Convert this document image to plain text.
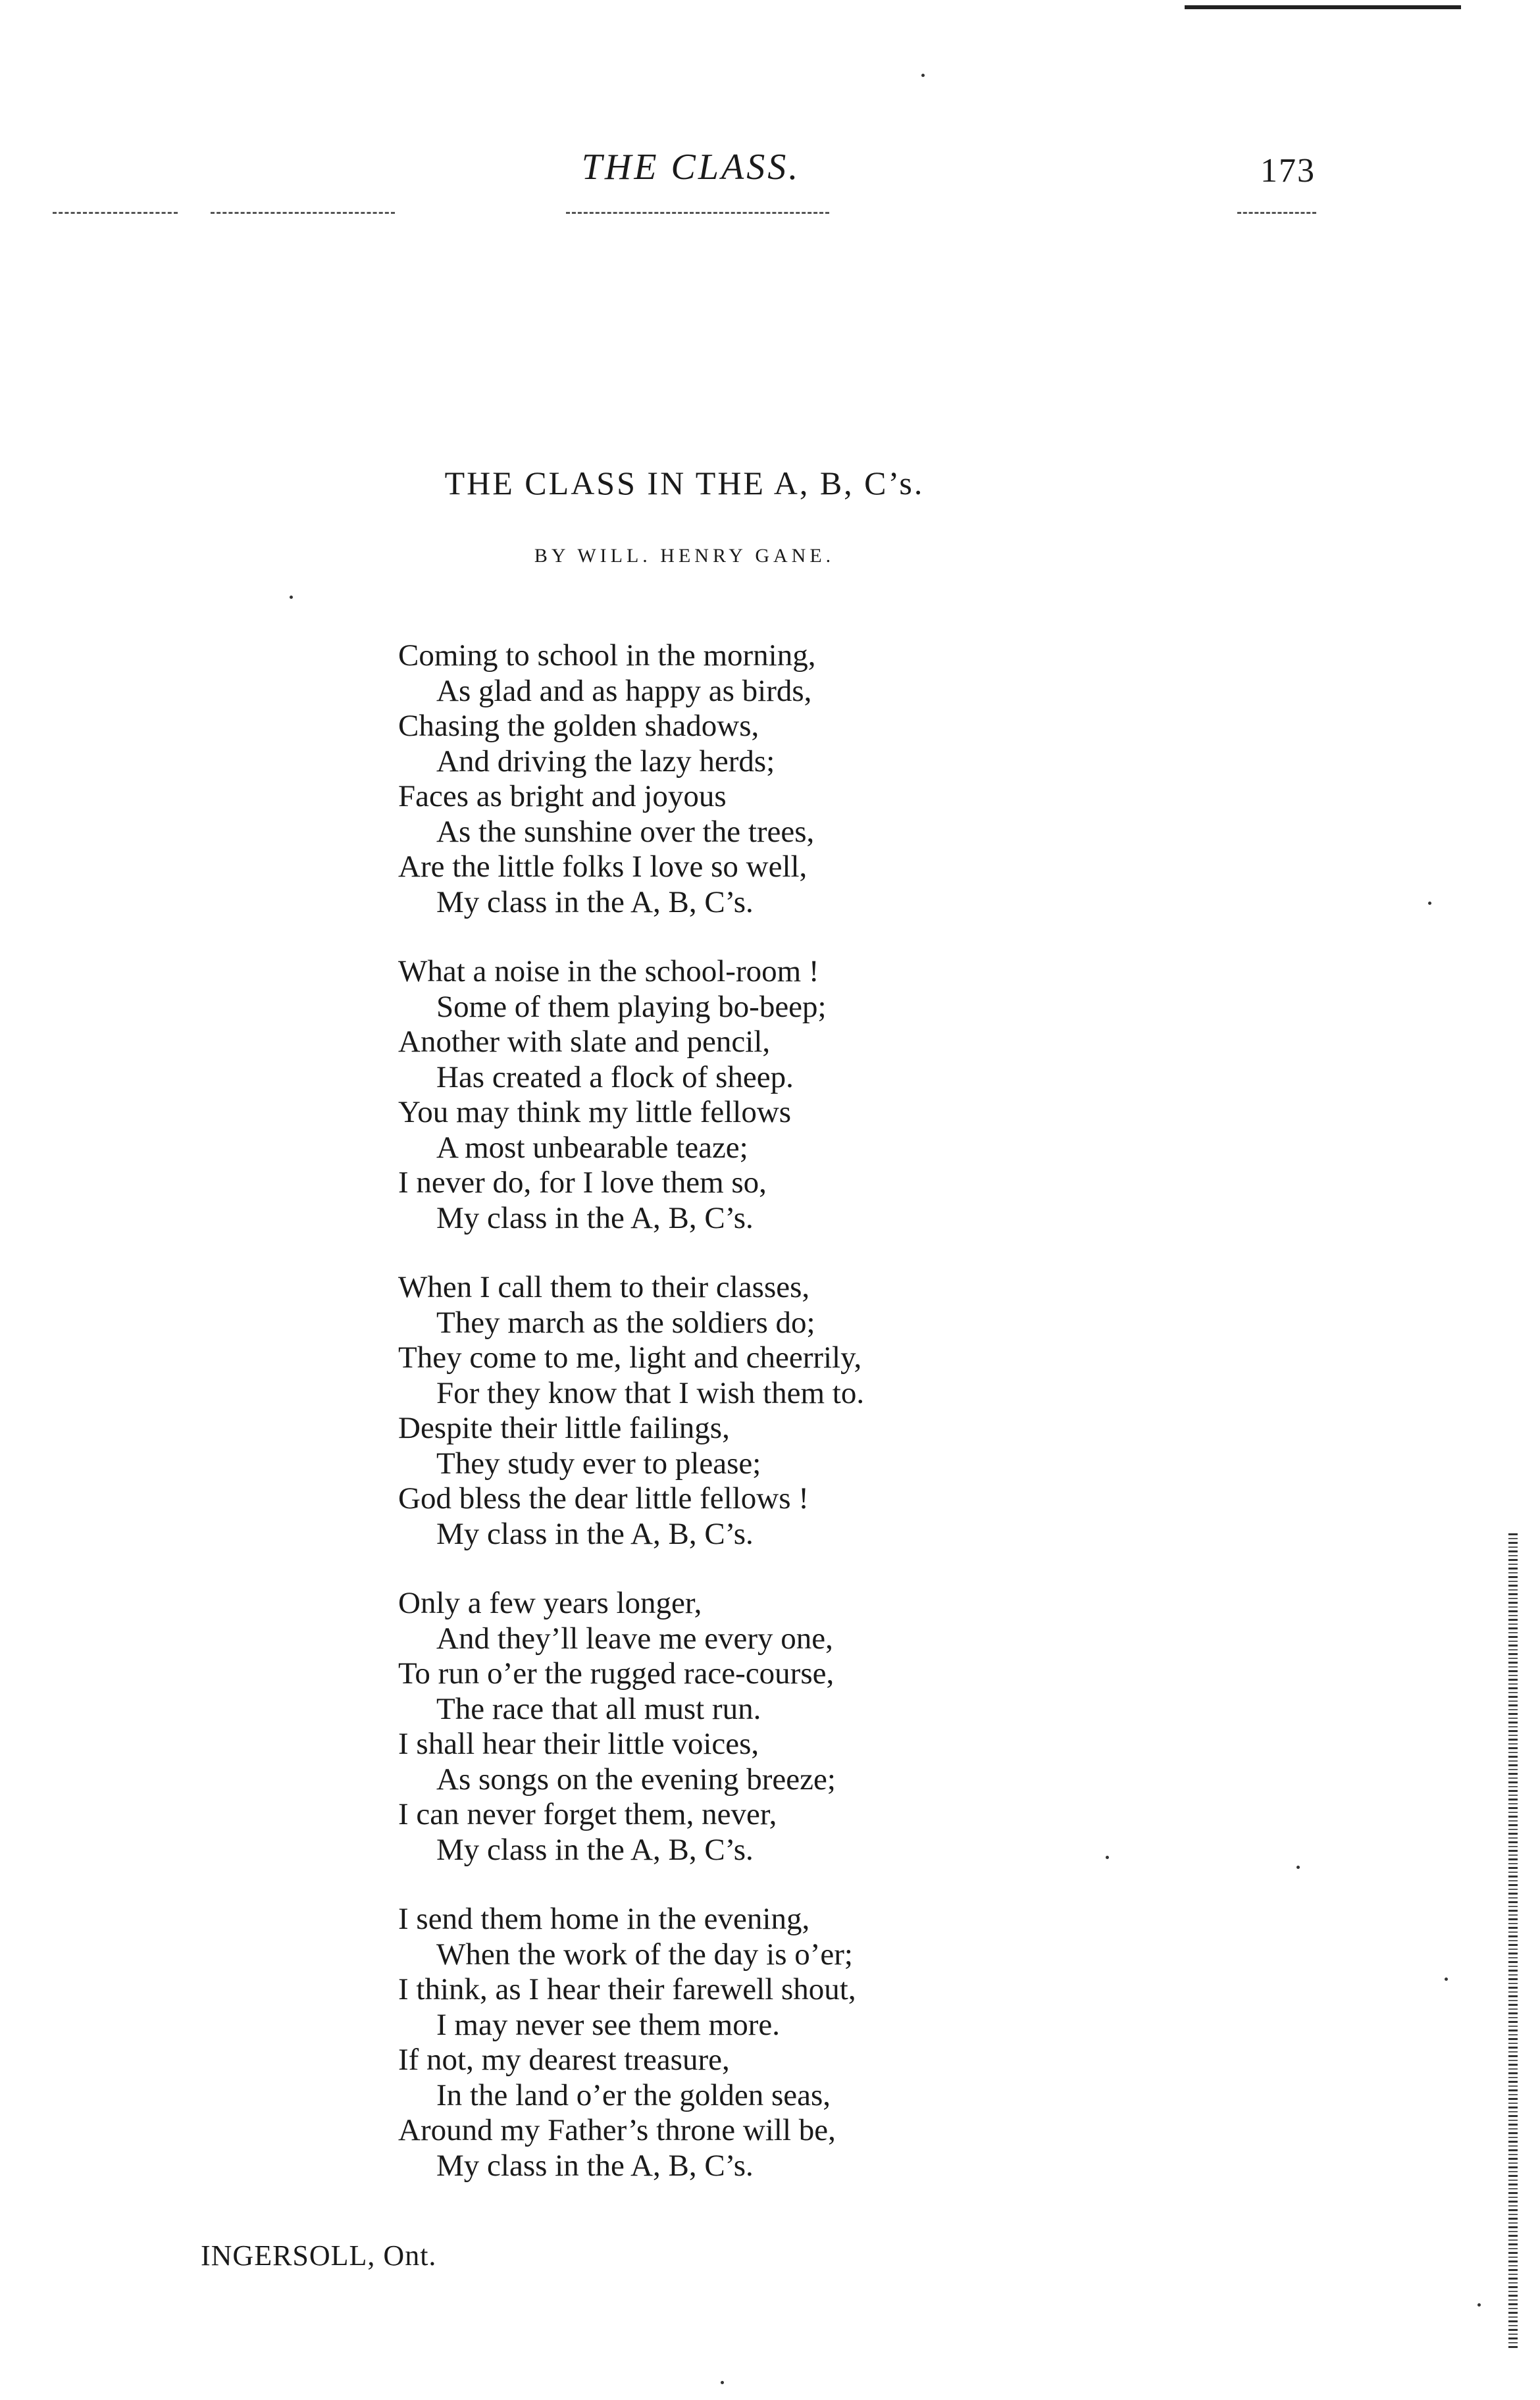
THE CLASS.	173
THE CLASS IN THE A, B, C’s.
BY WILL. HENRY GANE.
Coming to school in the morning,
As glad and as happy as birds,
Chasing the golden shadows,
And driving the lazy herds;
Faces as bright and joyous
As the sunshine over the trees,
Are the little folks I love so well,
My class in the A, B, C’s.
What a noise in the school-room !
Some of them playing bo-beep;
Another with slate and pencil,
Has created a flock of sheep.
You may think my little fellows
A most unbearable teaze;
I never do, for I love them so,
My class in the A, B, C’s.
When I call them to their classes,
They march as the soldiers do;
They come to me, light and cheerrily,
For they know that I wish them to.
Despite their little failings,
They study ever to please;
God bless the dear little fellows !
My class in the A, B, C’s.
Only a few years longer,
And they’ll leave me every one,
To run o’er the rugged race-course,
The race that all must run.
I shall hear their little voices,
As songs on the evening breeze;
I can never forget them, never,
My class in the A, B, C’s.
I send them home in the evening,
When the work of the day is o’er;
I think, as I hear their farewell shout,
I may never see them more.
If not, my dearest treasure,
In the land o’er the golden seas,
Around my Father’s throne will be,
My class in the A, B, C’s.
INGERSOLL, Ont.
